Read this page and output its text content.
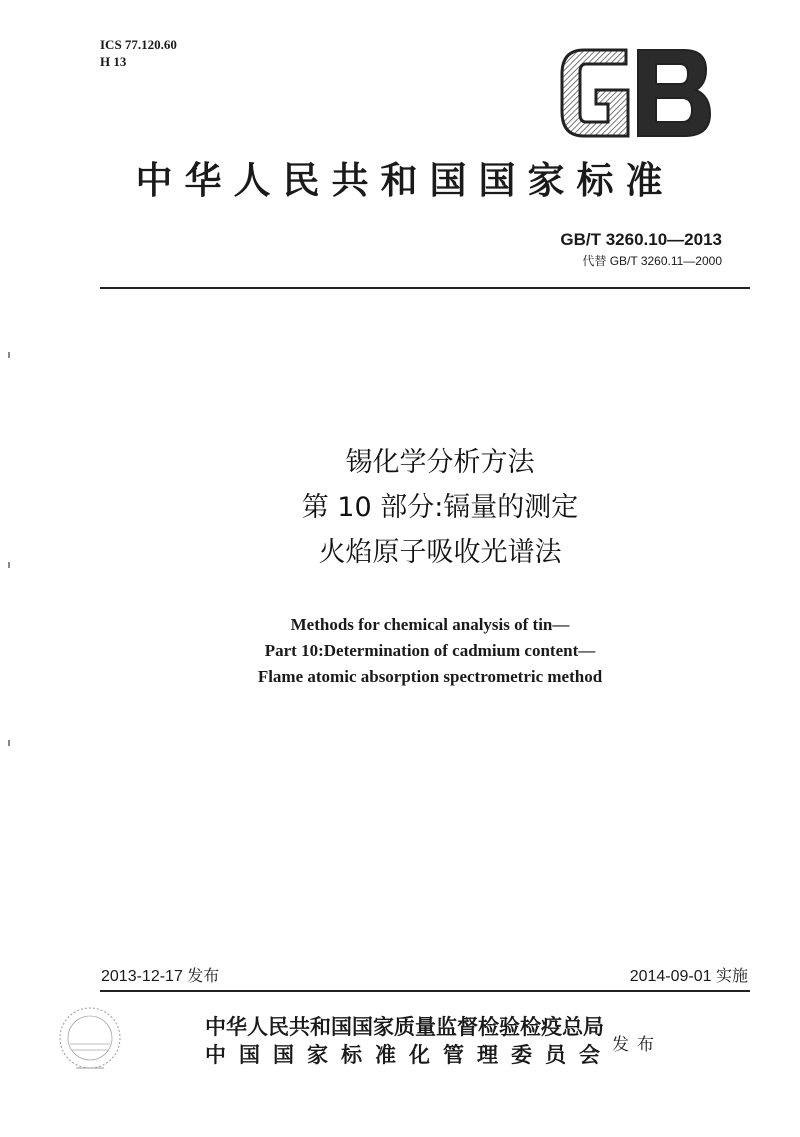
ICS 77.120.60
H 13
GB
中华人民共和国国家标准
GB/T 3260.10—2013
代替 GB/T 3260.11—2000
锡化学分析方法
第 10 部分:镉量的测定
火焰原子吸收光谱法
Methods for chemical analysis of tin—
Part 10:Determination of cadmium content—
Flame atomic absorption spectrometric method
2013-12-17 发布	2014-09-01 实施
中华人民共和国国家质量监督检验检疫总局
中国国家标准化管理委员会 发布
